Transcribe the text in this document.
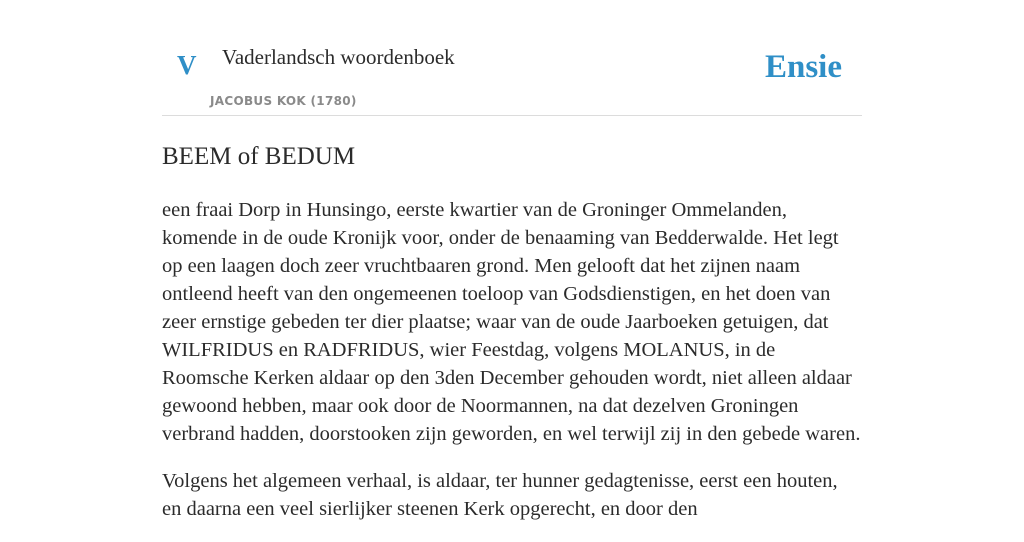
V Vaderlandsch woordenboek
JACOBUS KOK (1780)
Ensie
BEEM of BEDUM

een fraai Dorp in Hunsingo, eerste kwartier van de Groninger Ommelanden, komende in de oude Kronijk voor, onder de benaaming van Bedderwalde. Het legt op een laagen doch zeer vruchtbaaren grond. Men gelooft dat het zijnen naam ontleend heeft van den ongemeenen toeloop van Godsdienstigen, en het doen van zeer ernstige gebeden ter dier plaatse; waar van de oude Jaarboeken getuigen, dat WILFRIDUS en RADFRIDUS, wier Feestdag, volgens MOLANUS, in de Roomsche Kerken aldaar op den 3den December gehouden wordt, niet alleen aldaar gewoond hebben, maar ook door de Noormannen, na dat dezelven Groningen verbrand hadden, doorstooken zijn geworden, en wel terwijl zij in den gebede waren.

Volgens het algemeen verhaal, is aldaar, ter hunner gedagtenisse, eerst een houten, en daarna een veel sierlijker steenen Kerk opgerecht, en door den
